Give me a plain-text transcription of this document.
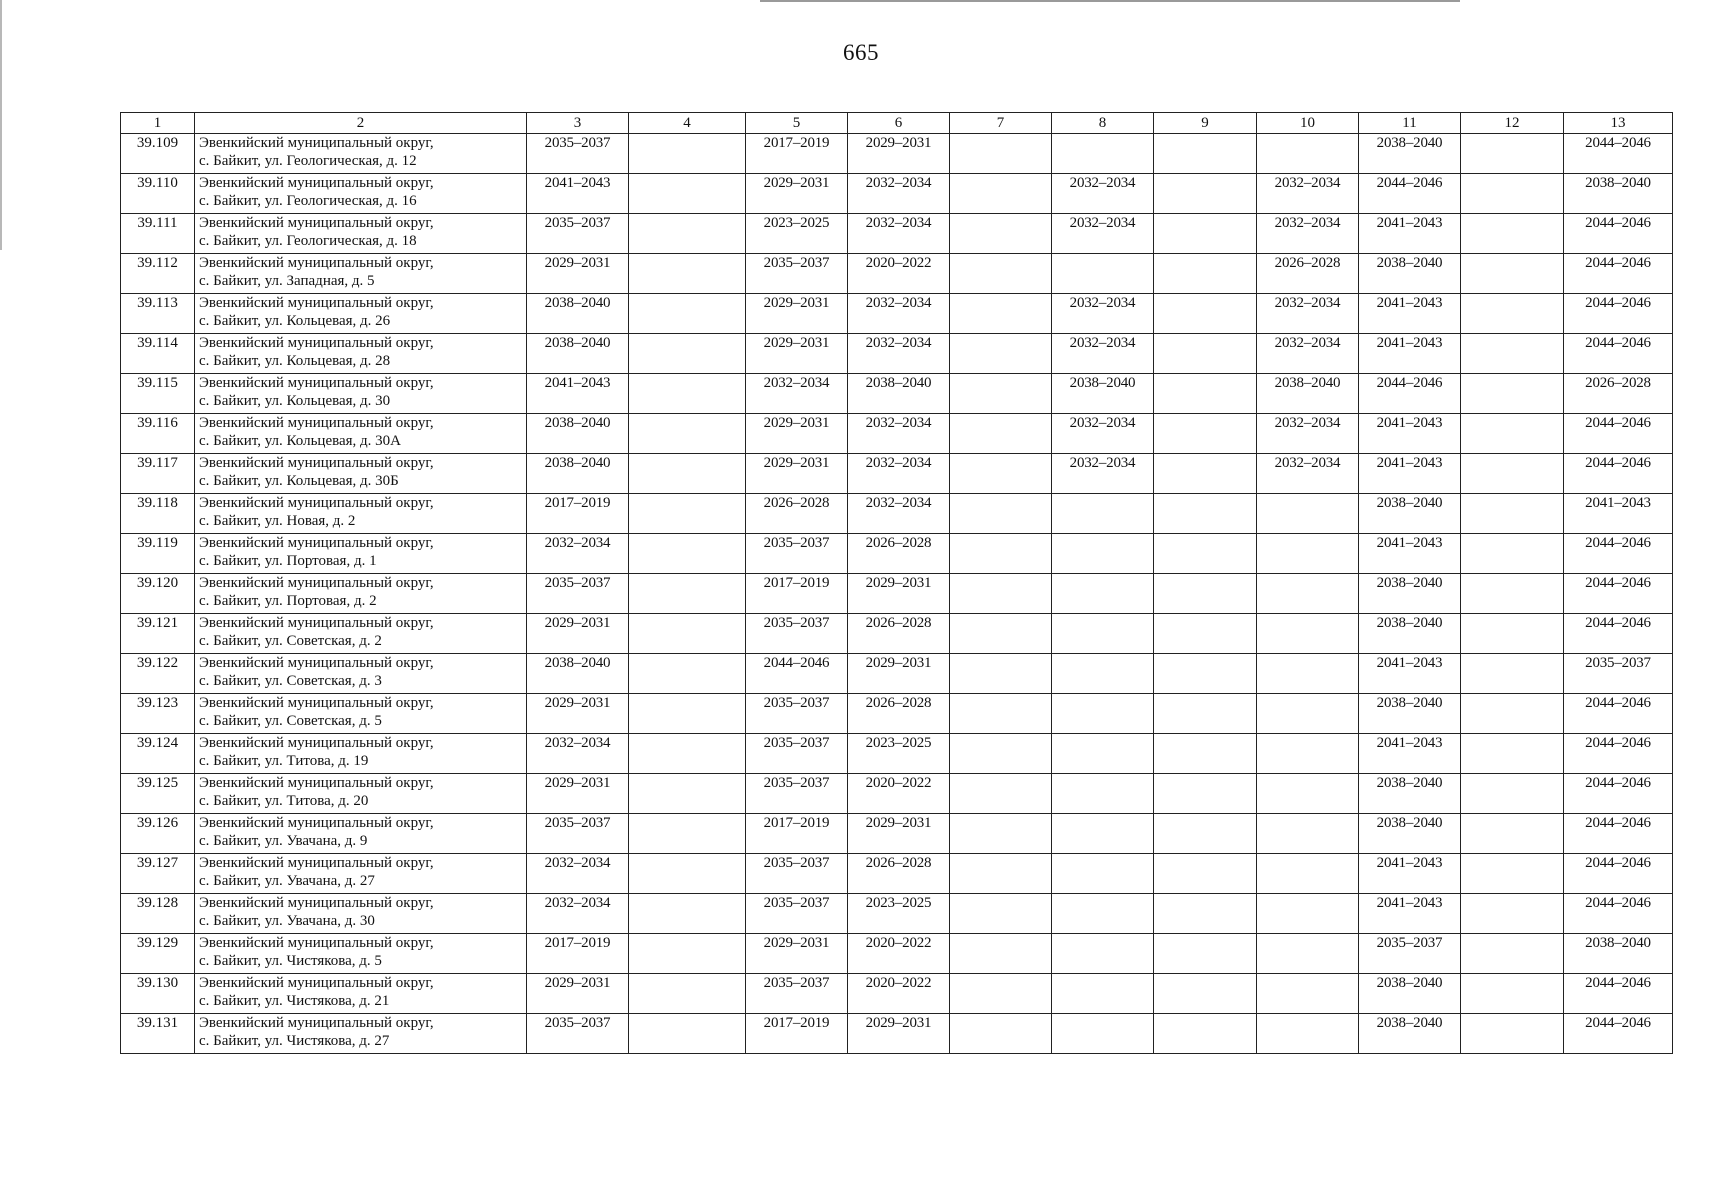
665
1	2	3	4	5	6	7	8	9	10	11	12	13
39.109	Эвенкийский муниципальный округ,
с. Байкит, ул. Геологическая, д. 12	2035–2037		2017–2019	2029–2031					2038–2040		2044–2046
39.110	Эвенкийский муниципальный округ,
с. Байкит, ул. Геологическая, д. 16	2041–2043		2029–2031	2032–2034		2032–2034		2032–2034	2044–2046		2038–2040
39.111	Эвенкийский муниципальный округ,
с. Байкит, ул. Геологическая, д. 18	2035–2037		2023–2025	2032–2034		2032–2034		2032–2034	2041–2043		2044–2046
39.112	Эвенкийский муниципальный округ,
с. Байкит, ул. Западная, д. 5	2029–2031		2035–2037	2020–2022				2026–2028	2038–2040		2044–2046
39.113	Эвенкийский муниципальный округ,
с. Байкит, ул. Кольцевая, д. 26	2038–2040		2029–2031	2032–2034		2032–2034		2032–2034	2041–2043		2044–2046
39.114	Эвенкийский муниципальный округ,
с. Байкит, ул. Кольцевая, д. 28	2038–2040		2029–2031	2032–2034		2032–2034		2032–2034	2041–2043		2044–2046
39.115	Эвенкийский муниципальный округ,
с. Байкит, ул. Кольцевая, д. 30	2041–2043		2032–2034	2038–2040		2038–2040		2038–2040	2044–2046		2026–2028
39.116	Эвенкийский муниципальный округ,
с. Байкит, ул. Кольцевая, д. 30А	2038–2040		2029–2031	2032–2034		2032–2034		2032–2034	2041–2043		2044–2046
39.117	Эвенкийский муниципальный округ,
с. Байкит, ул. Кольцевая, д. 30Б	2038–2040		2029–2031	2032–2034		2032–2034		2032–2034	2041–2043		2044–2046
39.118	Эвенкийский муниципальный округ,
с. Байкит, ул. Новая, д. 2	2017–2019		2026–2028	2032–2034					2038–2040		2041–2043
39.119	Эвенкийский муниципальный округ,
с. Байкит, ул. Портовая, д. 1	2032–2034		2035–2037	2026–2028					2041–2043		2044–2046
39.120	Эвенкийский муниципальный округ,
с. Байкит, ул. Портовая, д. 2	2035–2037		2017–2019	2029–2031					2038–2040		2044–2046
39.121	Эвенкийский муниципальный округ,
с. Байкит, ул. Советская, д. 2	2029–2031		2035–2037	2026–2028					2038–2040		2044–2046
39.122	Эвенкийский муниципальный округ,
с. Байкит, ул. Советская, д. 3	2038–2040		2044–2046	2029–2031					2041–2043		2035–2037
39.123	Эвенкийский муниципальный округ,
с. Байкит, ул. Советская, д. 5	2029–2031		2035–2037	2026–2028					2038–2040		2044–2046
39.124	Эвенкийский муниципальный округ,
с. Байкит, ул. Титова, д. 19	2032–2034		2035–2037	2023–2025					2041–2043		2044–2046
39.125	Эвенкийский муниципальный округ,
с. Байкит, ул. Титова, д. 20	2029–2031		2035–2037	2020–2022					2038–2040		2044–2046
39.126	Эвенкийский муниципальный округ,
с. Байкит, ул. Увачана, д. 9	2035–2037		2017–2019	2029–2031					2038–2040		2044–2046
39.127	Эвенкийский муниципальный округ,
с. Байкит, ул. Увачана, д. 27	2032–2034		2035–2037	2026–2028					2041–2043		2044–2046
39.128	Эвенкийский муниципальный округ,
с. Байкит, ул. Увачана, д. 30	2032–2034		2035–2037	2023–2025					2041–2043		2044–2046
39.129	Эвенкийский муниципальный округ,
с. Байкит, ул. Чистякова, д. 5	2017–2019		2029–2031	2020–2022					2035–2037		2038–2040
39.130	Эвенкийский муниципальный округ,
с. Байкит, ул. Чистякова, д. 21	2029–2031		2035–2037	2020–2022					2038–2040		2044–2046
39.131	Эвенкийский муниципальный округ,
с. Байкит, ул. Чистякова, д. 27	2035–2037		2017–2019	2029–2031					2038–2040		2044–2046
